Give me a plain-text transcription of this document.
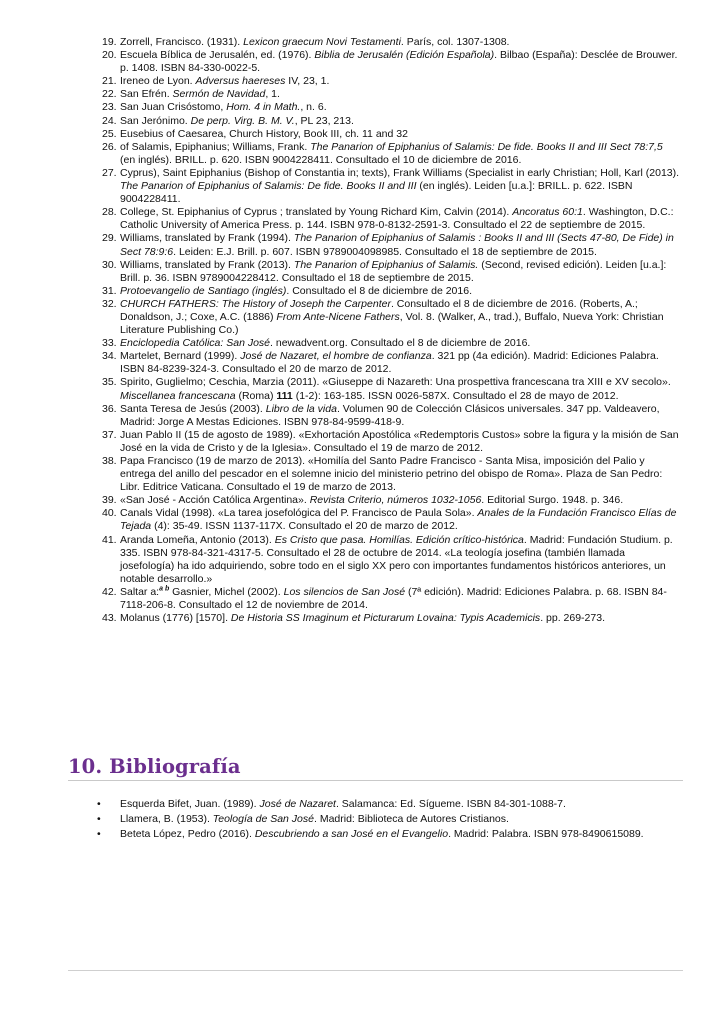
19. Zorrell, Francisco. (1931). Lexicon graecum Novi Testamenti. París, col. 1307-1308.
20. Escuela Bíblica de Jerusalén, ed. (1976). Biblia de Jerusalén (Edición Española). Bilbao (España): Desclée de Brouwer. p. 1408. ISBN 84-330-0022-5.
21. Ireneo de Lyon. Adversus haereses IV, 23, 1.
22. San Efrén. Sermón de Navidad, 1.
23. San Juan Crisóstomo, Hom. 4 in Math., n. 6.
24. San Jerónimo. De perp. Virg. B. M. V., PL 23, 213.
25. Eusebius of Caesarea, Church History, Book III, ch. 11 and 32
26. of Salamis, Epiphanius; Williams, Frank. The Panarion of Epiphanius of Salamis: De fide. Books II and III Sect 78:7,5 (en inglés). BRILL. p. 620. ISBN 9004228411. Consultado el 10 de diciembre de 2016.
27. Cyprus), Saint Epiphanius (Bishop of Constantia in; texts), Frank Williams (Specialist in early Christian; Holl, Karl (2013). The Panarion of Epiphanius of Salamis: De fide. Books II and III (en inglés). Leiden [u.a.]: BRILL. p. 622. ISBN 9004228411.
28. College, St. Epiphanius of Cyprus ; translated by Young Richard Kim, Calvin (2014). Ancoratus 60:1. Washington, D.C.: Catholic University of America Press. p. 144. ISBN 978-0-8132-2591-3. Consultado el 22 de septiembre de 2015.
29. Williams, translated by Frank (1994). The Panarion of Epiphanius of Salamis : Books II and III (Sects 47-80, De Fide) in Sect 78:9:6. Leiden: E.J. Brill. p. 607. ISBN 9789004098985. Consultado el 18 de septiembre de 2015.
30. Williams, translated by Frank (2013). The Panarion of Epiphanius of Salamis. (Second, revised edición). Leiden [u.a.]: Brill. p. 36. ISBN 9789004228412. Consultado el 18 de septiembre de 2015.
31. Protoevangelio de Santiago (inglés). Consultado el 8 de diciembre de 2016.
32. CHURCH FATHERS: The History of Joseph the Carpenter. Consultado el 8 de diciembre de 2016. (Roberts, A.; Donaldson, J.; Coxe, A.C. (1886) From Ante-Nicene Fathers, Vol. 8. (Walker, A., trad.), Buffalo, Nueva York: Christian Literature Publishing Co.)
33. Enciclopedia Católica: San José. newadvent.org. Consultado el 8 de diciembre de 2016.
34. Martelet, Bernard (1999). José de Nazaret, el hombre de confianza. 321 pp (4a edición). Madrid: Ediciones Palabra. ISBN 84-8239-324-3. Consultado el 20 de marzo de 2012.
35. Spirito, Guglielmo; Ceschia, Marzia (2011). «Giuseppe di Nazareth: Una prospettiva francescana tra XIII e XV secolo». Miscellanea francescana (Roma) 111 (1-2): 163-185. ISSN 0026-587X. Consultado el 28 de mayo de 2012.
36. Santa Teresa de Jesús (2003). Libro de la vida. Volumen 90 de Colección Clásicos universales. 347 pp. Valdeavero, Madrid: Jorge A Mestas Ediciones. ISBN 978-84-9599-418-9.
37. Juan Pablo II (15 de agosto de 1989). «Exhortación Apostólica «Redemptoris Custos» sobre la figura y la misión de San José en la vida de Cristo y de la Iglesia». Consultado el 19 de marzo de 2012.
38. Papa Francisco (19 de marzo de 2013). «Homilía del Santo Padre Francisco - Santa Misa, imposición del Palio y entrega del anillo del pescador en el solemne inicio del ministerio petrino del obispo de Roma». Plaza de San Pedro: Libr. Editrice Vaticana. Consultado el 19 de marzo de 2013.
39. «San José - Acción Católica Argentina». Revista Criterio, números 1032-1056. Editorial Surgo. 1948. p. 346.
40. Canals Vidal (1998). «La tarea josefológica del P. Francisco de Paula Sola». Anales de la Fundación Francisco Elías de Tejada (4): 35-49. ISSN 1137-117X. Consultado el 20 de marzo de 2012.
41. Aranda Lomeña, Antonio (2013). Es Cristo que pasa. Homilías. Edición crítico-histórica. Madrid: Fundación Studium. p. 335. ISBN 978-84-321-4317-5. Consultado el 28 de octubre de 2014. «La teología josefina (también llamada josefología) ha ido adquiriendo, sobre todo en el siglo XX pero con importantes fundamentos históricos anteriores, un notable desarrollo.»
42. Saltar a:$^{a b}$ Gasnier, Michel (2002). Los silencios de San José (7ª edición). Madrid: Ediciones Palabra. p. 68. ISBN 84-7118-206-8. Consultado el 12 de noviembre de 2014.
43. Molanus (1776) [1570]. De Historia SS Imaginum et Picturarum Lovaina: Typis Academicis. pp. 269-273.
10. Bibliografía
• Esquerda Bifet, Juan. (1989). José de Nazaret. Salamanca: Ed. Sígueme. ISBN 84-301-1088-7.
• Llamera, B. (1953). Teología de San José. Madrid: Biblioteca de Autores Cristianos.
• Beteta López, Pedro (2016). Descubriendo a san José en el Evangelio. Madrid: Palabra. ISBN 978-8490615089.
